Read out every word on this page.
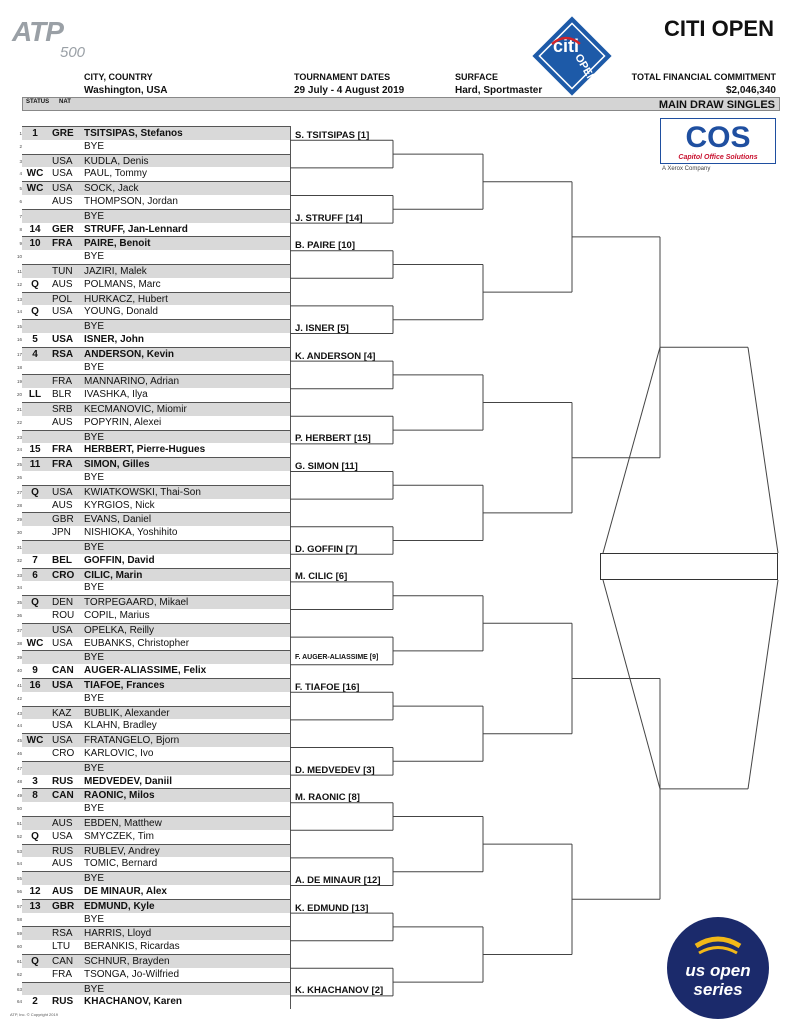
ATP
500	citi
OPEN
CITI OPEN
CITY, COUNTRY
Washington, USA
TOURNAMENT DATES
29 July - 4 August 2019
SURFACE
Hard, Sportmaster
TOTAL FINANCIAL COMMITMENT
$2,046,340
STATUS NAT	MAIN DRAW SINGLES
1	1	GRE	TSITSIPAS, Stefanos
2	BYE
3	USA	KUDLA, Denis
4 WC USA	PAUL, Tommy
5 WC USA	SOCK, Jack
6	AUS	THOMPSON, Jordan
7	BYE
8 14	GER	STRUFF, Jan-Lennard
9 10	FRA	PAIRE, Benoit
10	BYE
11	TUN	JAZIRI, Malek
12 Q	AUS	POLMANS, Marc
13	POL	HURKACZ, Hubert
14 Q	USA	YOUNG, Donald
15	BYE
16	5	USA	ISNER, John
17	4	RSA	ANDERSON, Kevin
18	BYE
19	FRA	MANNARINO, Adrian
20 LL BLR	IVASHKA, Ilya
21	SRB	KECMANOVIC, Miomir
22	AUS	POPYRIN, Alexei
23	BYE
24 15	FRA	HERBERT, Pierre-Hugues
25 11	FRA	SIMON, Gilles
26	BYE
27 Q	USA	KWIATKOWSKI, Thai-Son
28	AUS	KYRGIOS, Nick
29	GBR	EVANS, Daniel
30	JPN	NISHIOKA, Yoshihito
31	BYE
32	7	BEL	GOFFIN, David
33	6	CRO CILIC, Marin
34	BYE
35 Q	DEN	TORPEGAARD, Mikael
36	ROU COPIL, Marius
37	USA	OPELKA, Reilly
38 WC USA	EUBANKS, Christopher
39	BYE
40	9	CAN	AUGER-ALIASSIME, Felix
41 16	USA	TIAFOE, Frances
42	BYE
43	KAZ	BUBLIK, Alexander
44	USA	KLAHN, Bradley
45 WC USA	FRATANGELO, Bjorn
46	CRO KARLOVIC, Ivo
47	BYE
48	3	RUS	MEDVEDEV, Daniil
49	8	CAN	RAONIC, Milos
50	BYE
51	AUS	EBDEN, Matthew
52 Q	USA	SMYCZEK, Tim
53	RUS	RUBLEV, Andrey
54	AUS	TOMIC, Bernard
55	BYE
56 12	AUS	DE MINAUR, Alex
57 13	GBR EDMUND, Kyle
58	BYE
59	RSA	HARRIS, Lloyd
60	LTU	BERANKIS, Ricardas
61 Q	CAN	SCHNUR, Brayden
62	FRA	TSONGA, Jo-Wilfried
63	BYE
64	2	RUS	KHACHANOV, Karen
S. TSITSIPAS [1]
J. STRUFF [14]
B. PAIRE [10]
J. ISNER [5]
K. ANDERSON [4]
P. HERBERT [15]
G. SIMON [11]
D. GOFFIN [7]
M. CILIC [6]
F. AUGER-ALIASSIME [9]
F. TIAFOE [16]
D. MEDVEDEV [3]
M. RAONIC [8]
A. DE MINAUR [12]
K. EDMUND [13]
K. KHACHANOV [2]
COS
Capitol Office Solutions
A Xerox Company
us open
series
ATP, Inc. © Copyright 2019
